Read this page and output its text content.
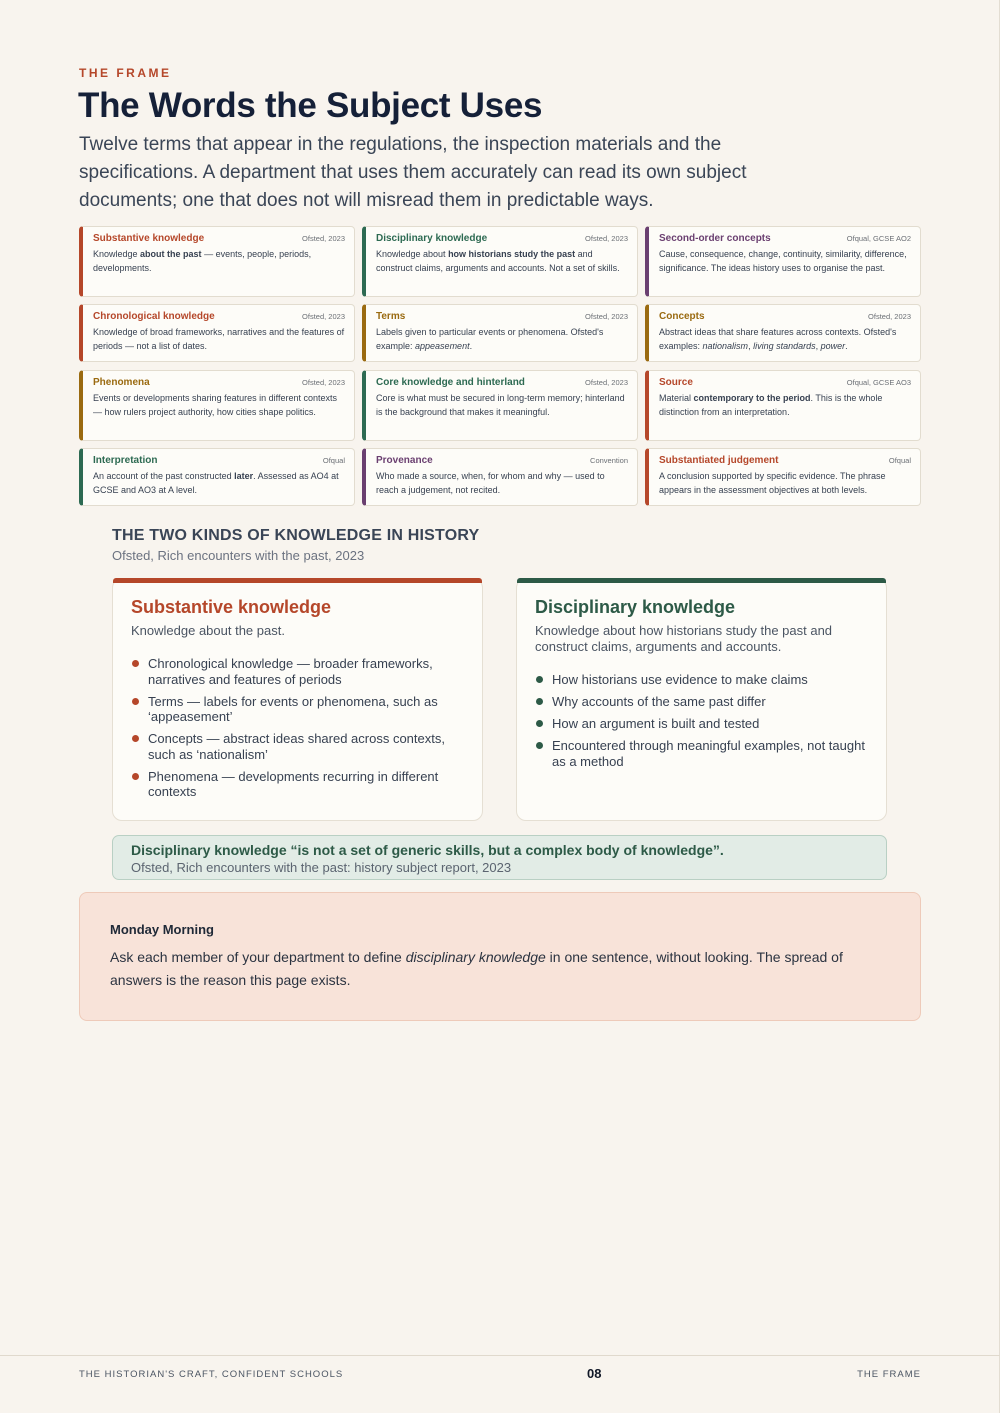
THE FRAME
The Words the Subject Uses

Twelve terms that appear in the regulations, the inspection materials and the specifications. A department that uses them accurately can read its own subject documents; one that does not will misread them in predictable ways.

Substantive knowledge	Ofsted, 2023
Knowledge about the past — events, people, periods, developments.
Disciplinary knowledge	Ofsted, 2023
Knowledge about how historians study the past and construct claims, arguments and accounts. Not a set of skills.
Second-order concepts	Ofqual, GCSE AO2
Cause, consequence, change, continuity, similarity, difference, significance. The ideas history uses to organise the past.
Chronological knowledge	Ofsted, 2023
Knowledge of broad frameworks, narratives and the features of periods — not a list of dates.
Terms	Ofsted, 2023
Labels given to particular events or phenomena. Ofsted's example: appeasement.
Concepts	Ofsted, 2023
Abstract ideas that share features across contexts. Ofsted's examples: nationalism, living standards, power.
Phenomena	Ofsted, 2023
Events or developments sharing features in different contexts — how rulers project authority, how cities shape politics.
Core knowledge and hinterland	Ofsted, 2023
Core is what must be secured in long-term memory; hinterland is the background that makes it meaningful.
Source	Ofqual, GCSE AO3
Material contemporary to the period. This is the whole distinction from an interpretation.
Interpretation	Ofqual
An account of the past constructed later. Assessed as AO4 at GCSE and AO3 at A level.
Provenance	Convention
Who made a source, when, for whom and why — used to reach a judgement, not recited.
Substantiated judgement	Ofqual
A conclusion supported by specific evidence. The phrase appears in the assessment objectives at both levels.
THE TWO KINDS OF KNOWLEDGE IN HISTORY
Ofsted, Rich encounters with the past, 2023
Substantive knowledge
Knowledge about the past.
Chronological knowledge — broader frameworks, narratives and features of periods
Terms — labels for events or phenomena, such as ‘appeasement’
Concepts — abstract ideas shared across contexts, such as ‘nationalism’
Phenomena — developments recurring in different contexts
Disciplinary knowledge
Knowledge about how historians study the past and construct claims, arguments and accounts.
How historians use evidence to make claims
Why accounts of the same past differ
How an argument is built and tested
Encountered through meaningful examples, not taught as a method
Disciplinary knowledge “is not a set of generic skills, but a complex body of knowledge”.
Ofsted, Rich encounters with the past: history subject report, 2023
Monday Morning
Ask each member of your department to define disciplinary knowledge in one sentence, without looking. The spread of answers is the reason this page exists.
THE HISTORIAN'S CRAFT, CONFIDENT SCHOOLS	08	THE FRAME
